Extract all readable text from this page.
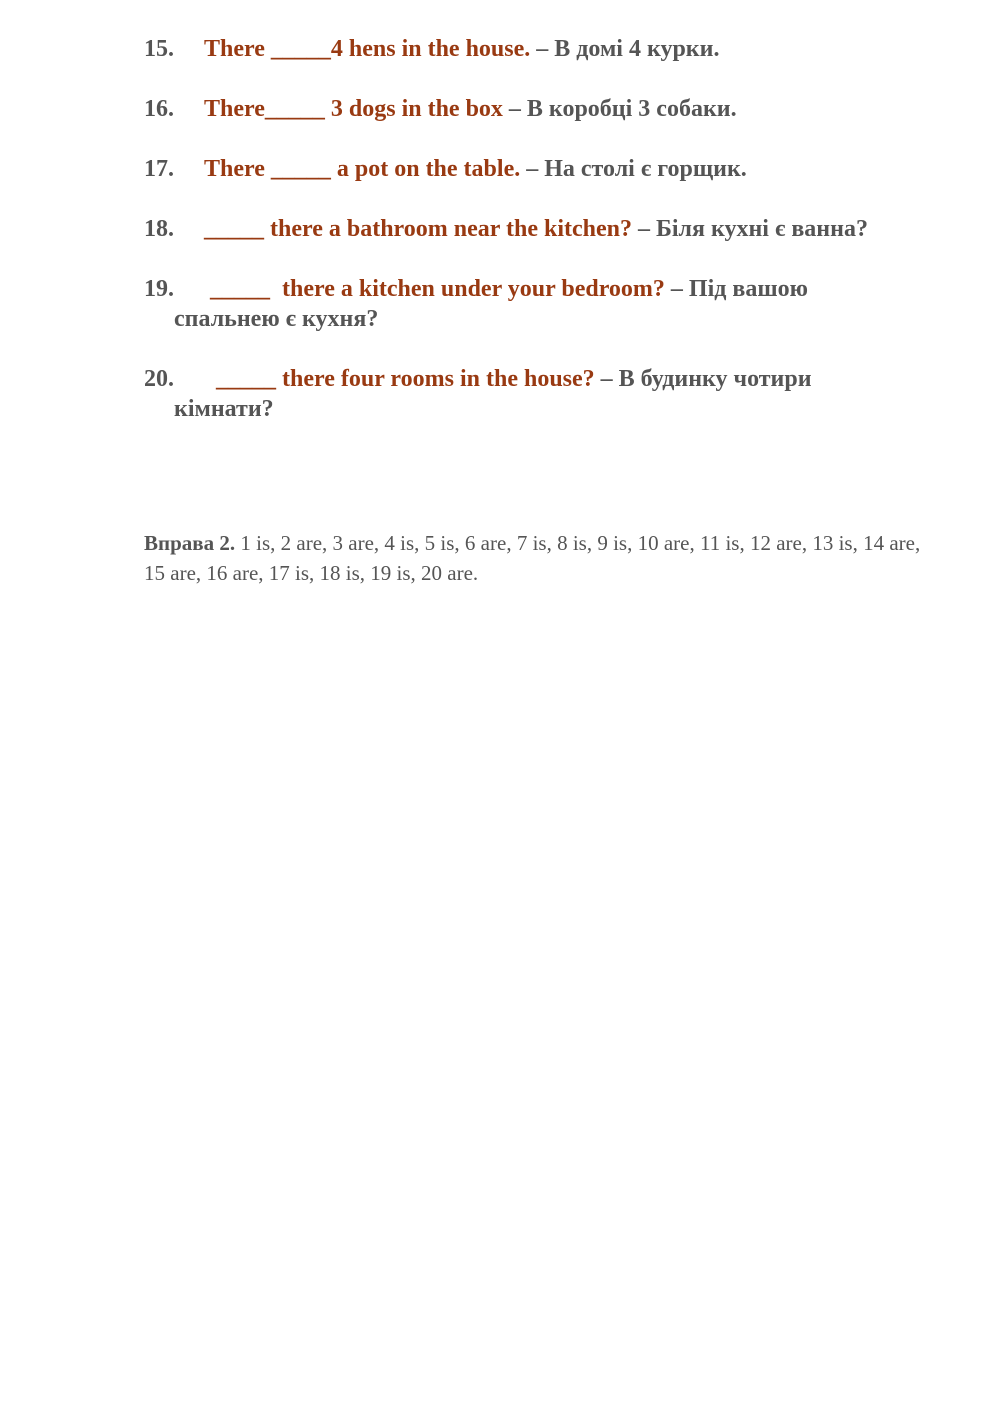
15. There _____4 hens in the house. – В домі 4 курки.
16. There_____ 3 dogs in the box – В коробці 3 собаки.
17. There _____ a pot on the table. – На столі є горщик.
18. _____ there a bathroom near the kitchen? – Біля кухні є ванна?
19. _____  there a kitchen under your bedroom? – Під вашою
спальнею є кухня?
20.  _____ there four rooms in the house? – В будинку чотири
кімнати?
Вправа 2. 1 is, 2 are, 3 are, 4 is, 5 is, 6 are, 7 is, 8 is, 9 is, 10 are, 11 is, 12 are, 13 is, 14 are, 15 are, 16 are, 17 is, 18 is, 19 is, 20 are.
